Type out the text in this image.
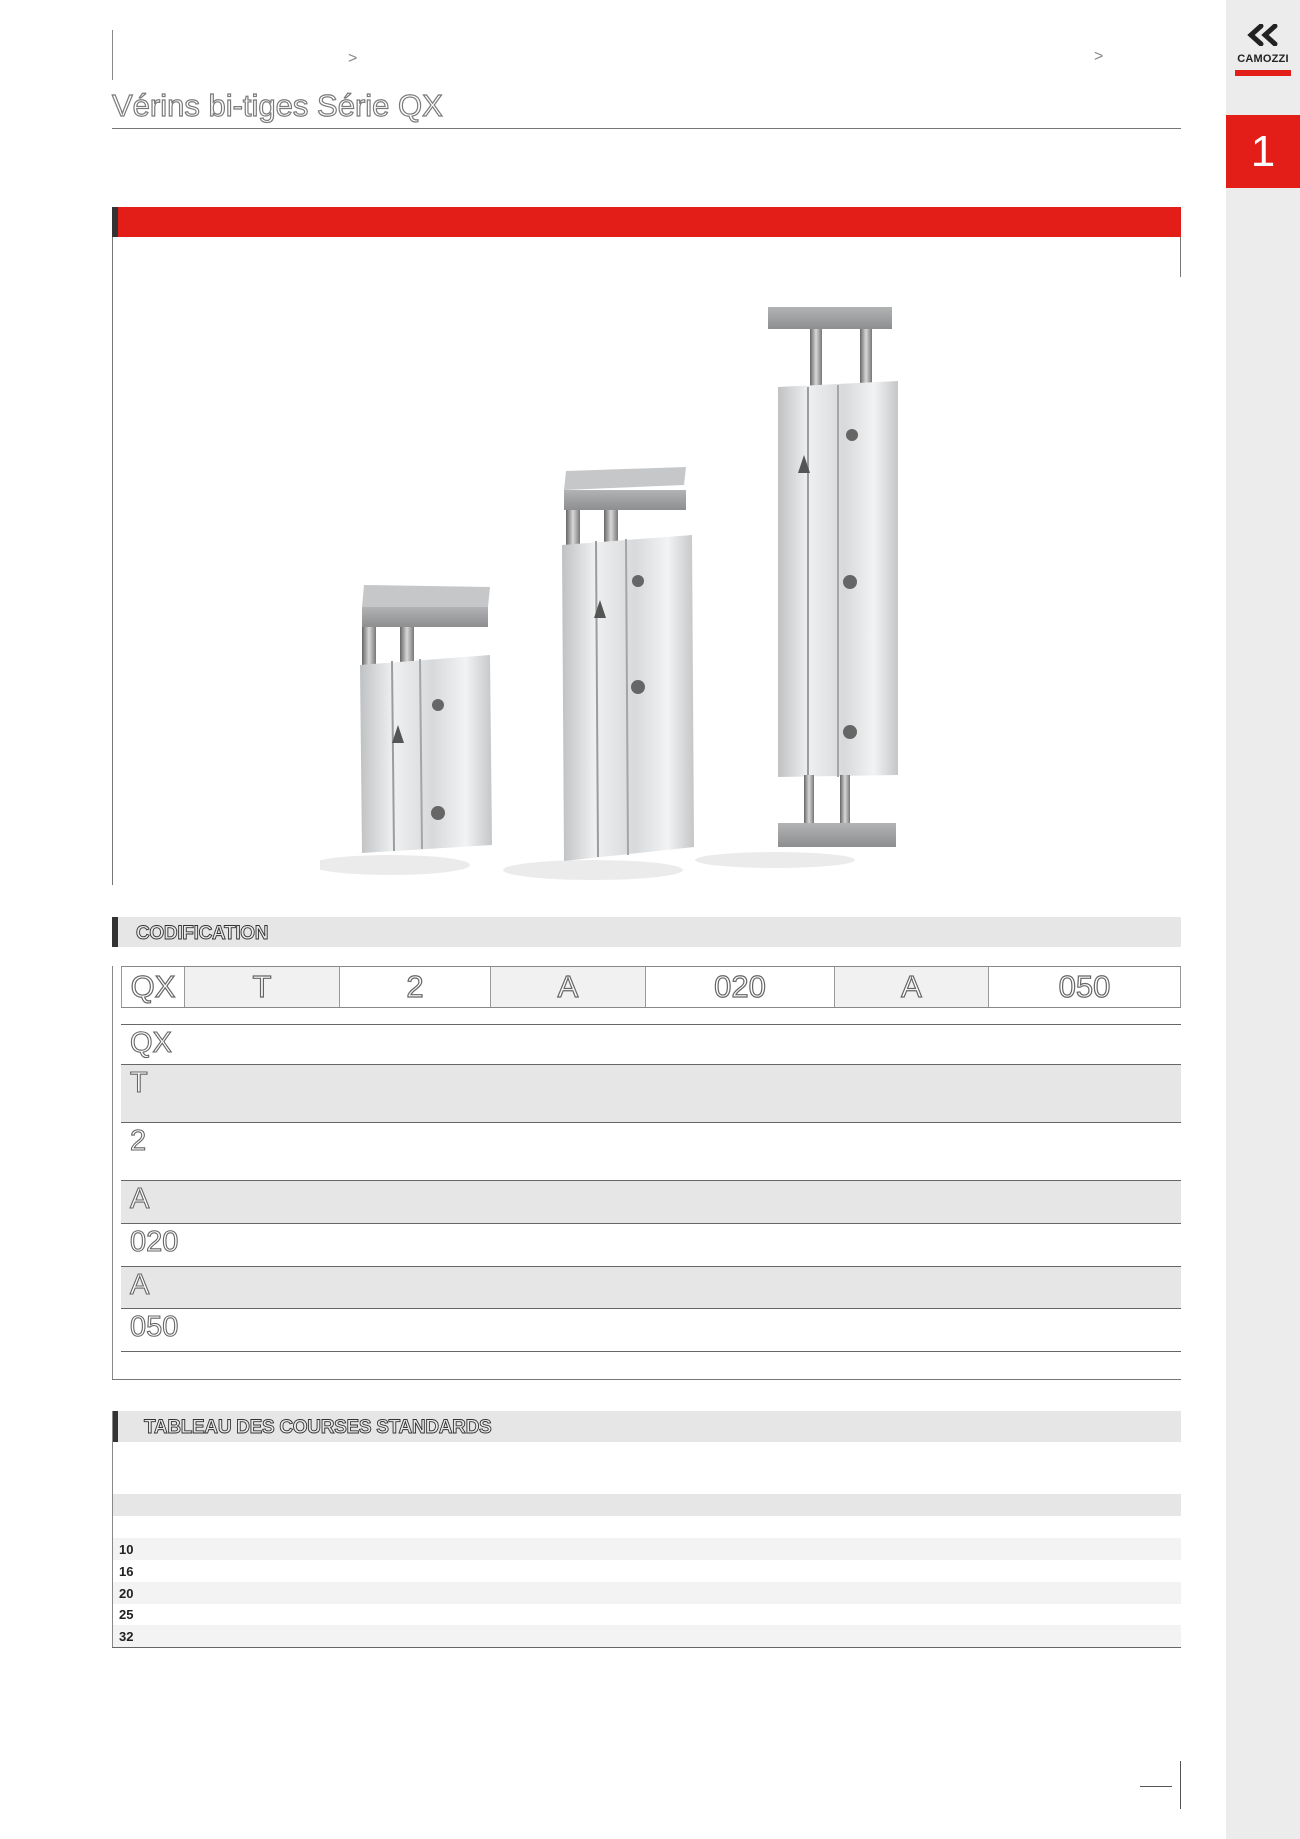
CAMOZZI
1
>	>
Vérins bi-tiges Série QX
CODIFICATION
QX	T	2	A	020	A	050
QX
T
2
A
020
A
050
TABLEAU DES COURSES STANDARDS
10
16
20
25
32
